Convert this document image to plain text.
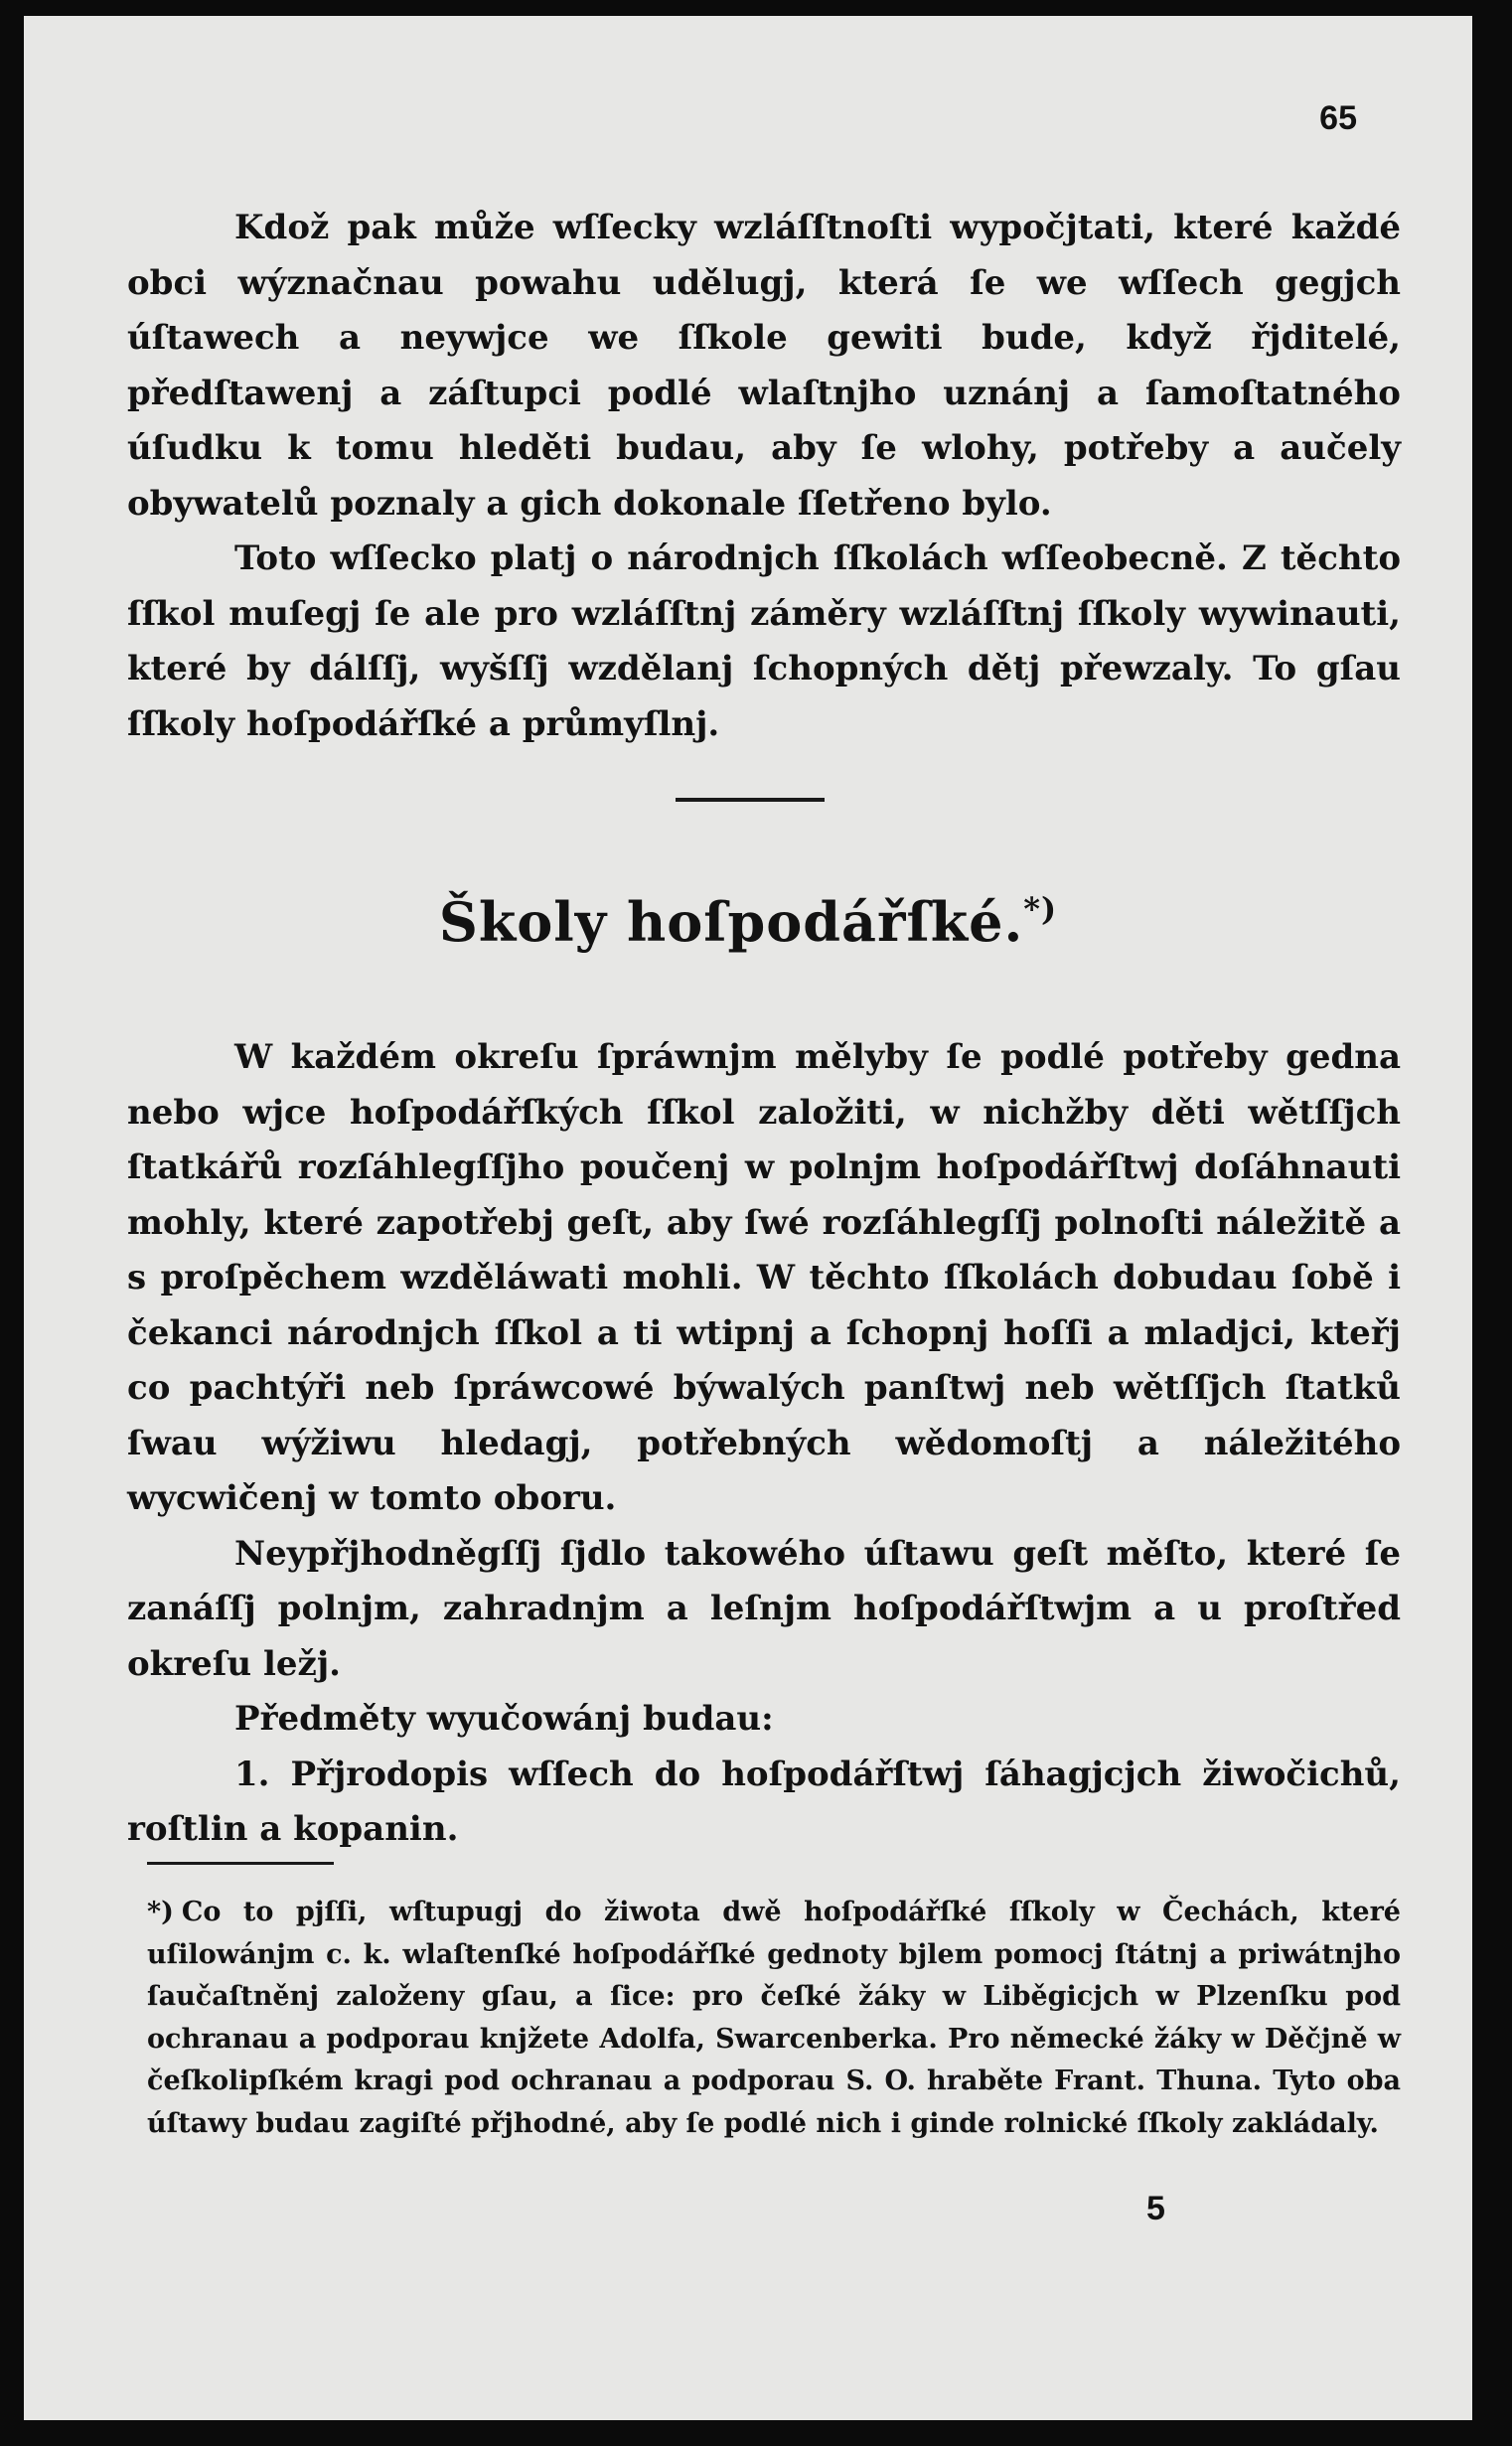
65

Kdož pak může wſſecky wzláſſtnoſti wypočjtati, které každé obci wýznačnau powahu udělugj, která ſe we wſſech gegjch úſtawech a neywjce we ſſkole gewiti bude, když řjditelé, předſtawenj a záſtupci podlé wlaſtnjho uznánj a ſamoſtatného úſudku k tomu hleděti budau, aby ſe wlohy, potřeby a aučely obywatelů poznaly a gich dokonale ſſetřeno bylo.

Toto wſſecko platj o národnjch ſſkolách wſſeobecně. Z těchto ſſkol muſegj ſe ale pro wzláſſtnj záměry wzláſſtnj ſſkoly wywinauti, které by dálſſj, wyšſſj wzdělanj ſchopných dětj přewzaly. To gſau ſſkoly hoſpodářſké a průmyſlnj.

Školy hoſpodářſké.*)

W každém okreſu ſpráwnjm mělyby ſe podlé potřeby gedna nebo wjce hoſpodářſkých ſſkol založiti, w nichžby děti wětſſjch ſtatkářů rozſáhlegſſjho poučenj w polnjm hoſpodářſtwj doſáhnauti mohly, které zapotřebj geſt, aby ſwé rozſáhlegſſj polnoſti náležitě a s proſpěchem wzděláwati mohli. W těchto ſſkolách dobudau ſobě i čekanci národnjch ſſkol a ti wtipnj a ſchopnj hoſſi a mladjci, kteřj co pachtýři neb ſpráwcowé býwalých panſtwj neb wětſſjch ſtatků ſwau wýžiwu hledagj, potřebných wědomoſtj a náležitého wycwičenj w tomto oboru.

Neypřjhodněgſſj ſjdlo takowého úſtawu geſt měſto, které ſe zanáſſj polnjm, zahradnjm a leſnjm hoſpodářſtwjm a u proſtřed okreſu ležj.

Předměty wyučowánj budau:

1. Přjrodopis wſſech do hoſpodářſtwj ſáhagjcjch žiwočichů, roſtlin a kopanin.

*) Co to pjſſi, wſtupugj do žiwota dwě hoſpodářſké ſſkoly w Čechách, které uſilowánjm c. k. wlaſtenſké hoſpodářſké gednoty bjlem pomocj ſtátnj a priwátnjho ſaučaſtněnj založeny gſau, a ſice: pro čeſké žáky w Liběgicjch w Plzenſku pod ochranau a podporau knjžete Adolfa, Swarcenberka. Pro německé žáky w Děčjně w čeſkolipſkém kragi pod ochranau a podporau S. O. hraběte Frant. Thuna. Tyto oba úſtawy budau zagiſté přjhodné, aby ſe podlé nich i ginde rolnické ſſkoly zakládaly.

5
